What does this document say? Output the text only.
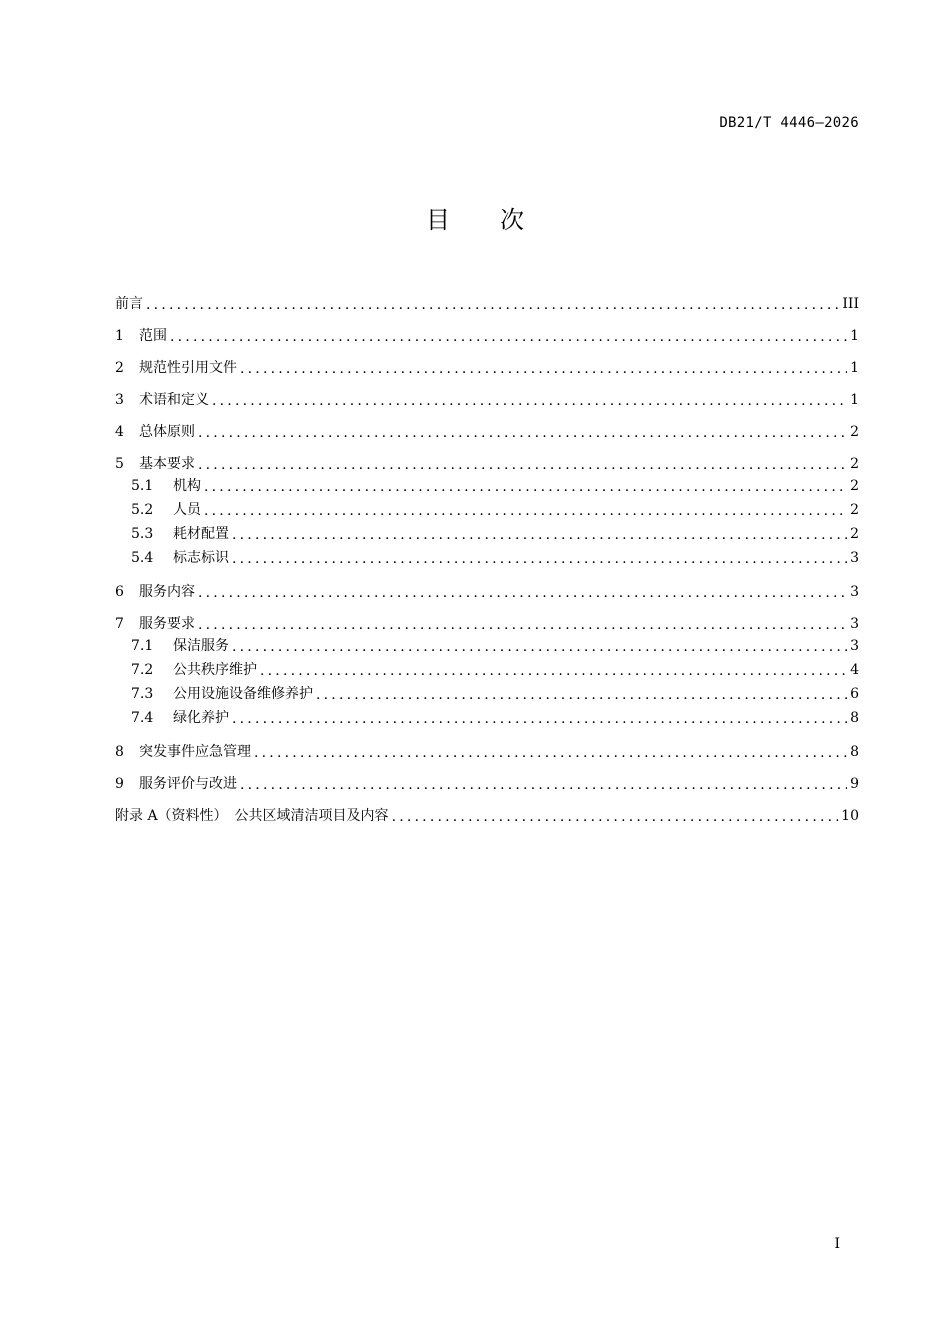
DB21/T 4446—2026
目次
前言 .....	III
1	范围 .....	1
2	规范性引用文件 .....	1
3	术语和定义 .....	1
4	总体原则 .....	2
5	基本要求 .....	2
5.1	机构 .....	2
5.2	人员 .....	2
5.3	耗材配置 .....	2
5.4	标志标识 .....	3
6	服务内容 .....	3
7	服务要求 .....	3
7.1	保洁服务 .....	3
7.2	公共秩序维护 .....	4
7.3	公用设施设备维修养护 .....	6
7.4	绿化养护 .....	8
8	突发事件应急管理 .....	8
9	服务评价与改进 .....	9
附录 A（资料性）　公共区域清洁项目及内容 .....	10
I
